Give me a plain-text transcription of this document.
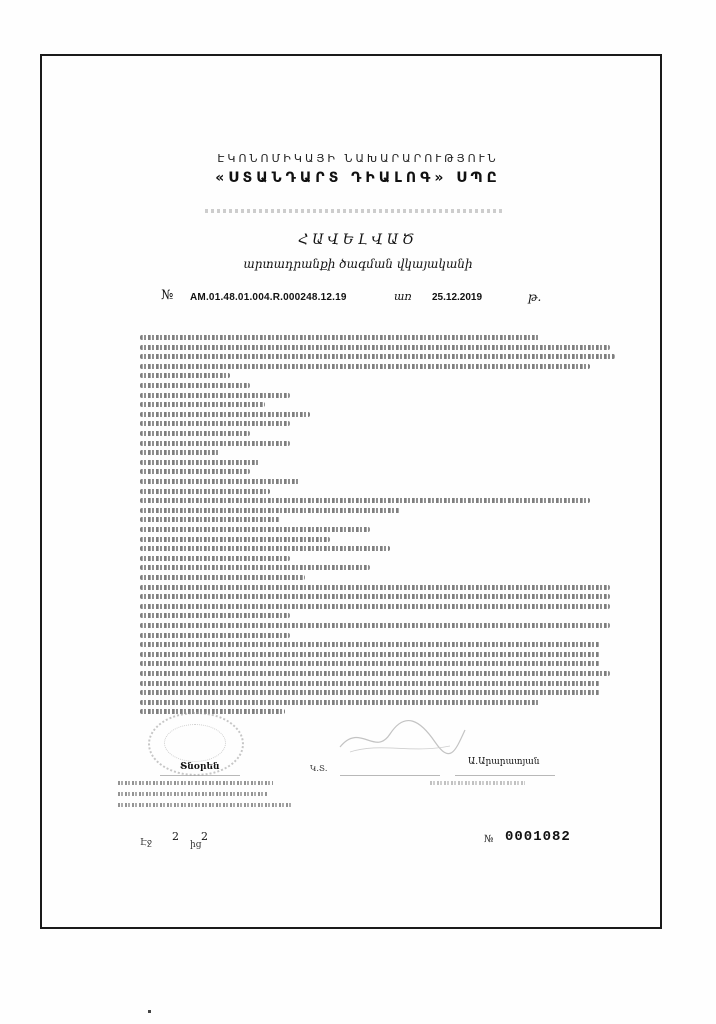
ԷԿՈՆՈՄԻԿԱՅԻ ՆԱԽԱՐԱՐՈՒԹՅՈՒՆ
«ՍՏԱՆԴԱՐՏ ԴԻԱԼՈԳ» ՍՊԸ
ՀԱՎԵԼՎԱԾ
արտադրանքի ծագման վկայականի
№ AM.01.48.01.004.R.000248.12.19	առ 25.12.2019	թ.
Տնօրեն	Կ.Տ.
Ա.Արարատյան
Էջ 2
ից
2	№ 0001082
